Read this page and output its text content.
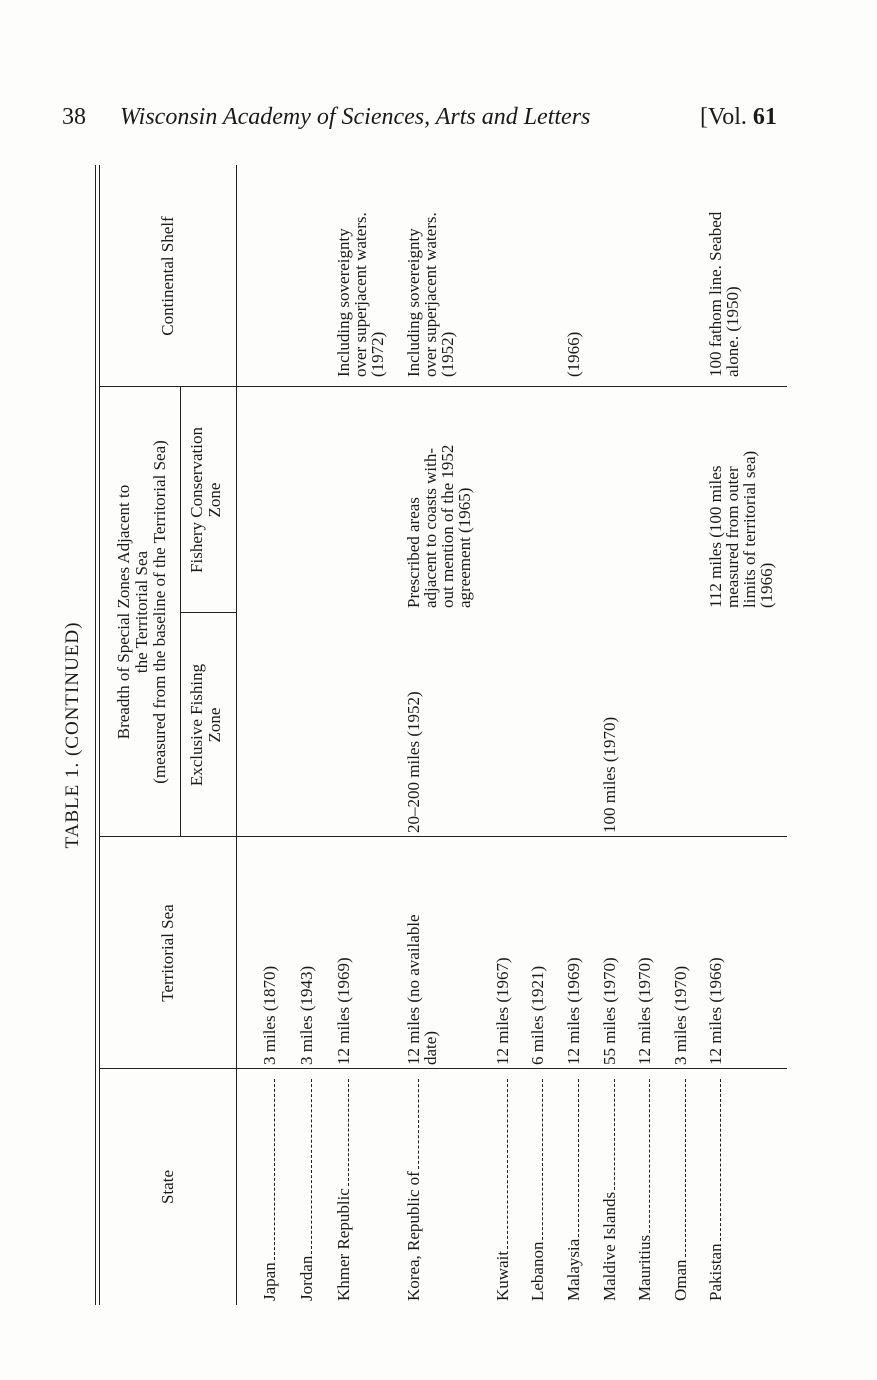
38 Wisconsin Academy of Sciences, Arts and Letters	[Vol. 61
TABLE 1. (CONTINUED)
State
Territorial Sea
Breadth of Special Zones Adjacent to the Territorial Sea (measured from the baseline of the Territorial Sea) Exclusive Fishing Zone
Fishery Conservation Zone
Continental Shelf
Japan
3 miles (1870)
Jordan
3 miles (1943)
Khmer Republic
12 miles (1969)
Including sovereignty
over superjacent waters.
(1972)
Korea, Republic of
12 miles (no available
date)
20–200 miles (1952)
Prescribed areas
adjacent to coasts with-
out mention of the 1952
agreement (1965)
Including sovereignty
over superjacent waters.
(1952)
Kuwait
12 miles (1967)
Lebanon
6 miles (1921)
Malaysia
12 miles (1969)
(1966)
Maldive Islands
55 miles (1970)
100 miles (1970)
Mauritius
12 miles (1970)
Oman
3 miles (1970)
Pakistan
12 miles (1966)
112 miles (100 miles
measured from outer
limits of territorial sea)
(1966)
100 fathom line. Seabed
alone. (1950)
